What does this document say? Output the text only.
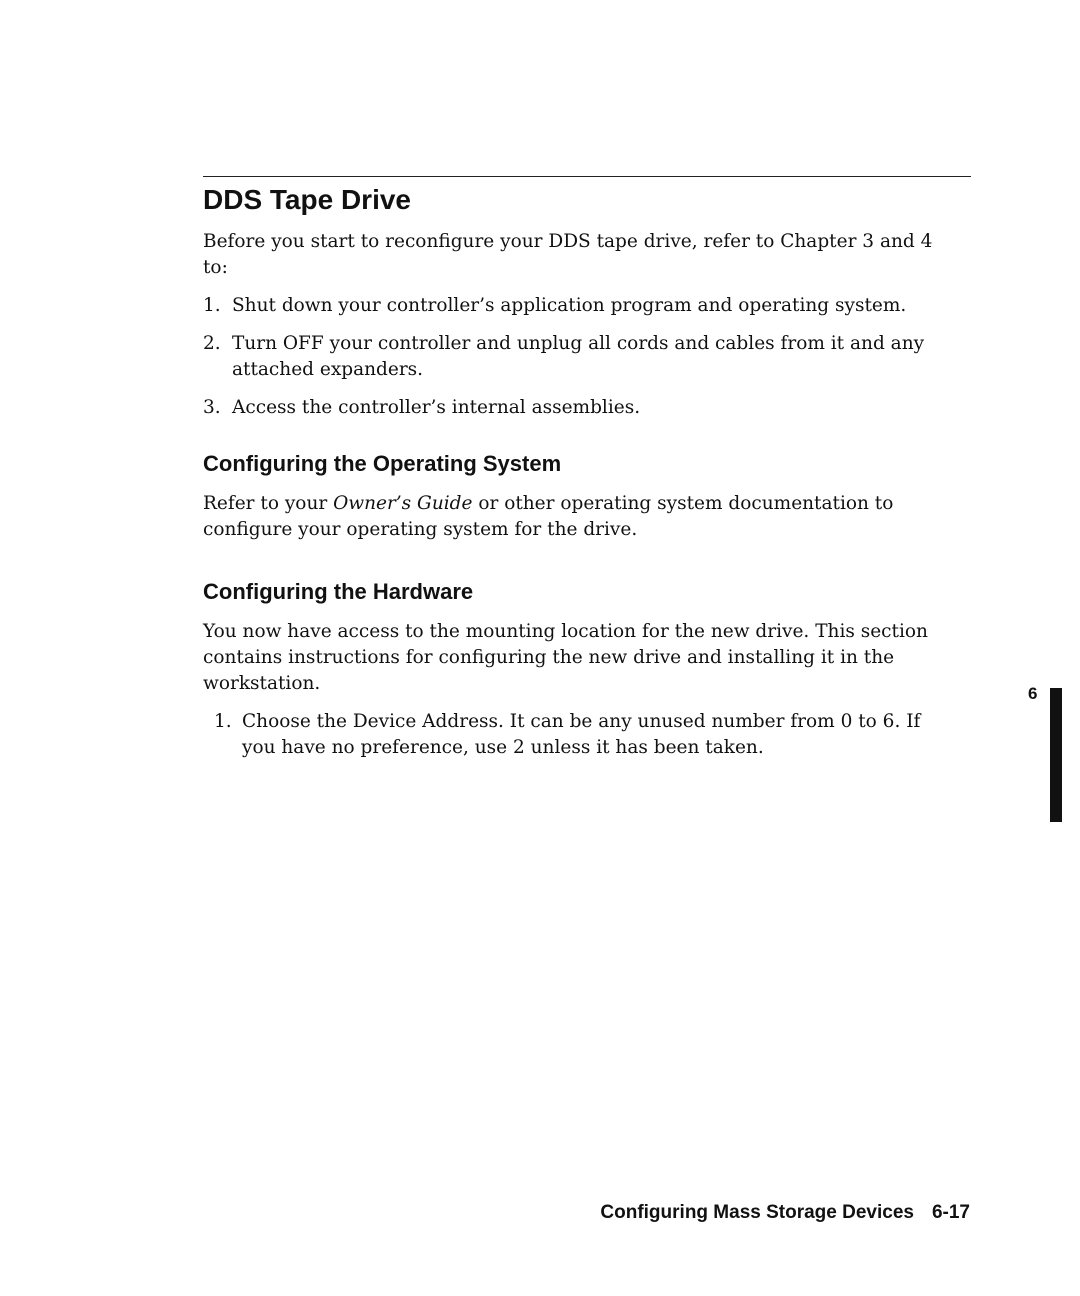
DDS Tape Drive

Before you start to reconfigure your DDS tape drive, refer to Chapter 3 and 4 to:

1. Shut down your controller’s application program and operating system.
2. Turn OFF your controller and unplug all cords and cables from it and any attached expanders.
3. Access the controller’s internal assemblies.
Configuring the Operating System

Refer to your Owner’s Guide or other operating system documentation to configure your operating system for the drive.

Configuring the Hardware

You now have access to the mounting location for the new drive. This section contains instructions for configuring the new drive and installing it in the workstation.

1. Choose the Device Address. It can be any unused number from 0 to 6. If you have no preference, use 2 unless it has been taken.
6
Configuring Mass Storage Devices 6-17
